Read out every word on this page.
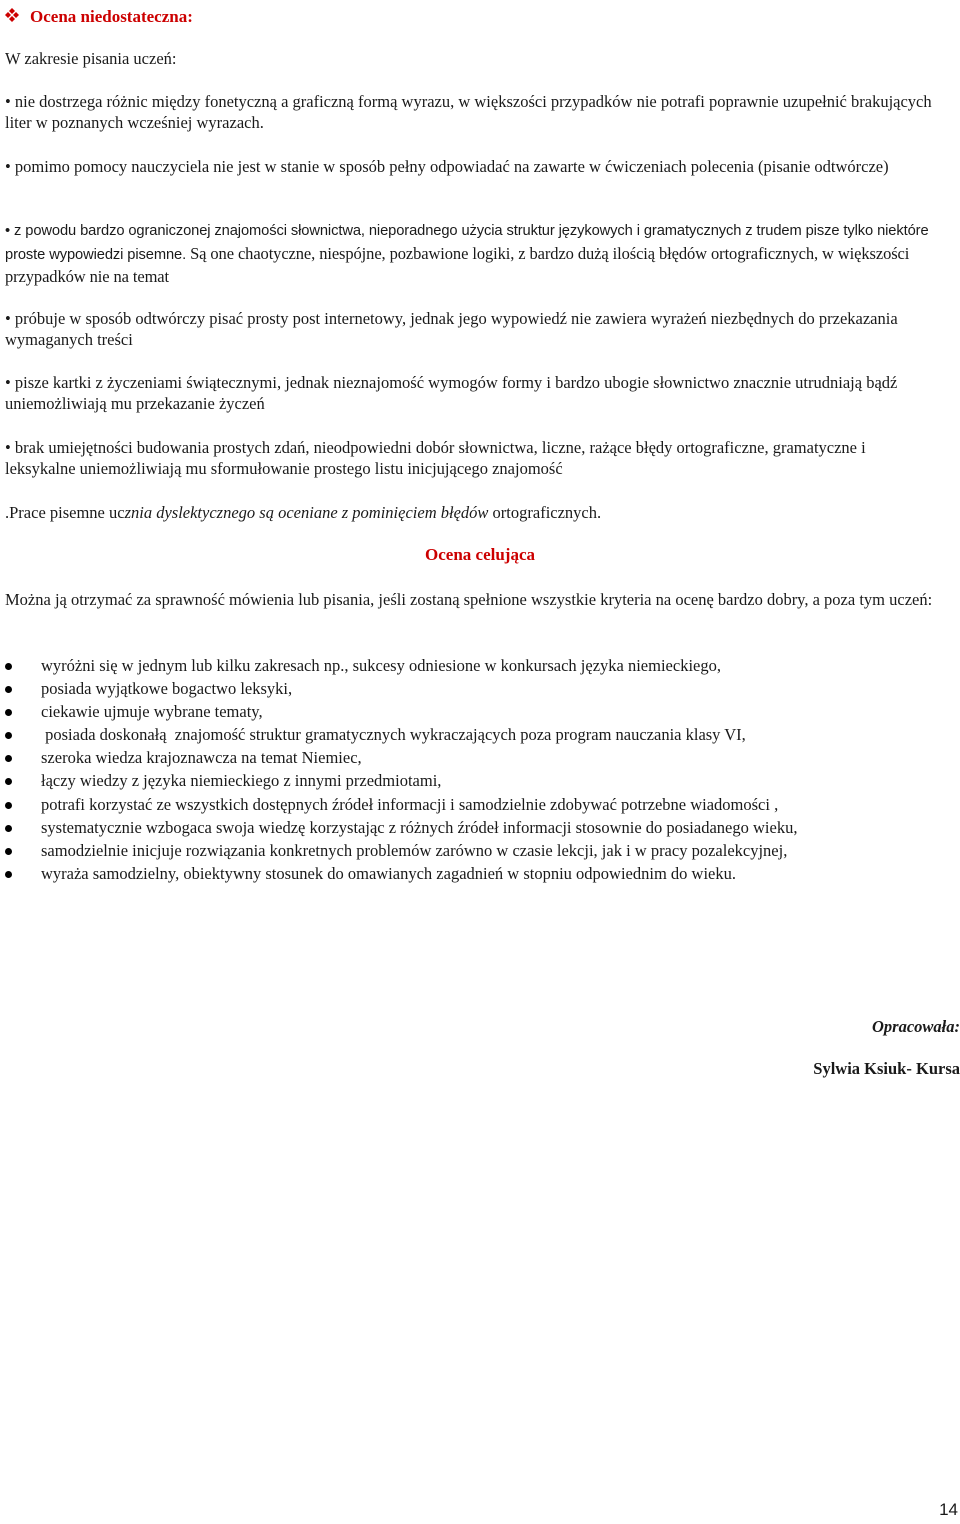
Ocena niedostateczna:
W zakresie pisania uczeń:
• nie dostrzega różnic między fonetyczną a graficzną formą wyrazu, w większości przypadków nie potrafi poprawnie uzupełnić brakujących liter w poznanych wcześniej wyrazach.
• pomimo pomocy nauczyciela nie jest w stanie w sposób pełny odpowiadać na zawarte w ćwiczeniach polecenia (pisanie odtwórcze)
• z powodu bardzo ograniczonej znajomości słownictwa, nieporadnego użycia struktur językowych i gramatycznych z trudem pisze tylko niektóre proste wypowiedzi pisemne. Są one chaotyczne, niespójne, pozbawione logiki, z bardzo dużą ilością błędów ortograficznych, w większości przypadków nie na temat
• próbuje w sposób odtwórczy pisać prosty post internetowy, jednak jego wypowiedź nie zawiera wyrażeń niezbędnych do przekazania wymaganych treści
• pisze kartki z życzeniami świątecznymi, jednak nieznajomość wymogów formy i bardzo ubogie słownictwo znacznie utrudniają bądź uniemożliwiają mu przekazanie życzeń
• brak umiejętności budowania prostych zdań, nieodpowiedni dobór słownictwa, liczne, rażące błędy ortograficzne, gramatyczne i leksykalne uniemożliwiają mu sformułowanie prostego listu inicjującego znajomość
.Prace pisemne ucznia dyslektycznego są oceniane z pominięciem błędów ortograficznych.
Ocena celująca
Można ją otrzymać za sprawność mówienia lub pisania, jeśli zostaną spełnione wszystkie kryteria na ocenę bardzo dobry, a poza tym uczeń:
wyróżni się w jednym lub kilku zakresach np., sukcesy odniesione w konkursach języka niemieckiego,
posiada wyjątkowe bogactwo leksyki,
ciekawie ujmuje wybrane tematy,
posiada doskonałą  znajomość struktur gramatycznych wykraczających poza program nauczania klasy VI,
szeroka wiedza krajoznawcza na temat Niemiec,
łączy wiedzy z języka niemieckiego z innymi przedmiotami,
potrafi korzystać ze wszystkich dostępnych źródeł informacji i samodzielnie zdobywać potrzebne wiadomości ,
systematycznie wzbogaca swoja wiedzę korzystając z różnych źródeł informacji stosownie do posiadanego wieku,
samodzielnie inicjuje rozwiązania konkretnych problemów zarówno w czasie lekcji, jak i w pracy pozalekcyjnej,
wyraża samodzielny, obiektywny stosunek do omawianych zagadnień w stopniu odpowiednim do wieku.
Opracowała:
Sylwia Ksiuk- Kursa
14
